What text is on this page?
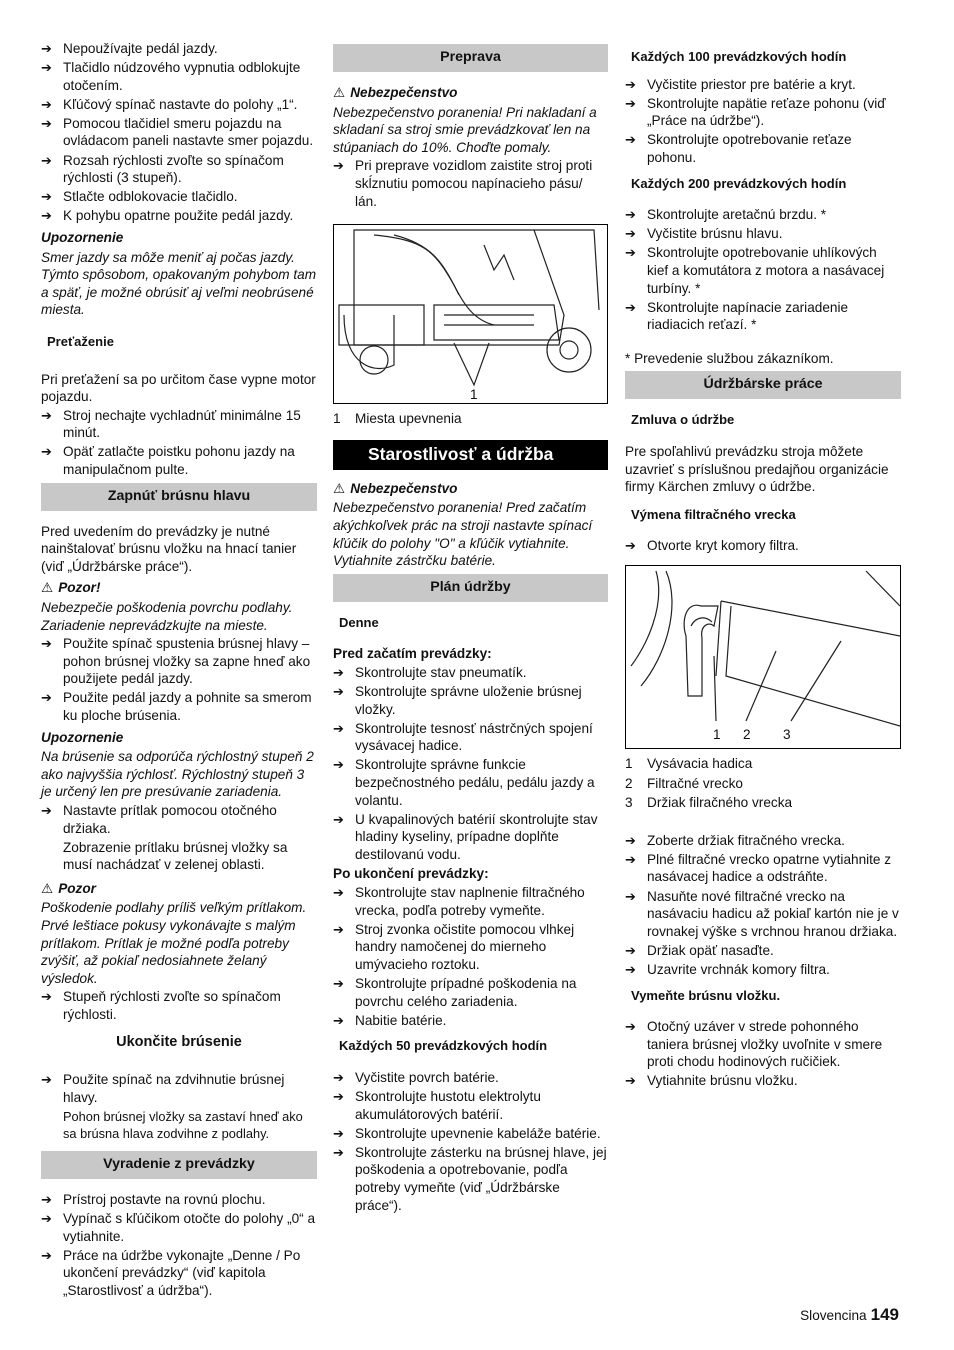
➔ Nepoužívajte pedál jazdy.
➔ Tlačidlo núdzového vypnutia odblokujte otočením.
➔ Kľúčový spínač nastavte do polohy „1“.
➔ Pomocou tlačidiel smeru pojazdu na ovládacom paneli nastavte smer pojazdu.
➔ Rozsah rýchlosti zvoľte so spínačom rýchlosti (3 stupeň).
➔ Stlačte odblokovacie tlačidlo.
➔ K pohybu opatrne použite pedál jazdy.
Upozornenie
Smer jazdy sa môže meniť aj počas jazdy. Týmto spôsobom, opakovaným pohybom tam a späť, je možné obrúsiť aj veľmi neobrúsené miesta.
Preťaženie
Pri preťažení sa po určitom čase vypne motor pojazdu.
➔ Stroj nechajte vychladnúť minimálne 15 minút.
➔ Opäť zatlačte poistku pohonu jazdy na manipulačnom pulte.
Zapnúť brúsnu hlavu
Pred uvedením do prevádzky je nutné nainštalovať brúsnu vložku na hnací tanier (viď „Údržbárske práce“).
⚠ Pozor!
Nebezpečie poškodenia povrchu podlahy. Zariadenie neprevádzkujte na mieste.
➔ Použite spínač spustenia brúsnej hlavy – pohon brúsnej vložky sa zapne hneď ako použijete pedál jazdy.
➔ Použite pedál jazdy a pohnite sa smerom ku ploche brúsenia.
Upozornenie
Na brúsenie sa odporúča rýchlostný stupeň 2 ako najvyššia rýchlosť. Rýchlostný stupeň 3 je určený len pre presúvanie zariadenia.
➔ Nastavte prítlak pomocou otočného držiaka.
Zobrazenie prítlaku brúsnej vložky sa musí nachádzať v zelenej oblasti.
⚠ Pozor
Poškodenie podlahy príliš veľkým prítlakom. Prvé leštiace pokusy vykonávajte s malým prítlakom. Prítlak je možné podľa potreby zvýšiť, až pokiaľ nedosiahnete želaný výsledok.
➔ Stupeň rýchlosti zvoľte so spínačom rýchlosti.
Ukončite brúsenie
➔ Použite spínač na zdvihnutie brúsnej hlavy.
Pohon brúsnej vložky sa zastaví hneď ako sa brúsna hlava zodvihne z podlahy.
Vyradenie z prevádzky
➔ Prístroj postavte na rovnú plochu.
➔ Vypínač s kľúčikom otočte do polohy „0“ a vytiahnite.
➔ Práce na údržbe vykonajte „Denne / Po ukončení prevádzky“ (viď kapitola „Starostlivosť a údržba“).
Preprava
⚠ Nebezpečenstvo
Nebezpečenstvo poranenia! Pri nakladaní a skladaní sa stroj smie prevádzkovať len na stúpaniach do 10%. Choďte pomaly.
➔ Pri preprave vozidlom zaistite stroj proti skĺznutiu pomocou napínacieho pásu/ lán.
1
1 Miesta upevnenia
Starostlivosť a údržba
⚠ Nebezpečenstvo
Nebezpečenstvo poranenia! Pred začatím akýchkoľvek prác na stroji nastavte spínací kľúčik do polohy "O" a kľúčik vytiahnite. Vytiahnite zástrčku batérie.
Plán údržby
Denne
Pred začatím prevádzky:
➔ Skontrolujte stav pneumatík.
➔ Skontrolujte správne uloženie brúsnej vložky.
➔ Skontrolujte tesnosť nástrčných spojení vysávacej hadice.
➔ Skontrolujte správne funkcie bezpečnostného pedálu, pedálu jazdy a volantu.
➔ U kvapalinových batérií skontrolujte stav hladiny kyseliny, prípadne doplňte destilovanú vodu.
Po ukončení prevádzky:
➔ Skontrolujte stav naplnenie filtračného vrecka, podľa potreby vymeňte.
➔ Stroj zvonka očistite pomocou vlhkej handry namočenej do mierneho umývacieho roztoku.
➔ Skontrolujte prípadné poškodenia na povrchu celého zariadenia.
➔ Nabitie batérie.
Každých 50 prevádzkových hodín
➔ Vyčistite povrch batérie.
➔ Skontrolujte hustotu elektrolytu akumulátorových batérií.
➔ Skontrolujte upevnenie kabeláže batérie.
➔ Skontrolujte zásterku na brúsnej hlave, jej poškodenia a opotrebovanie, podľa potreby vymeňte (viď „Údržbárske práce“).
Každých 100 prevádzkových hodín
➔ Vyčistite priestor pre batérie a kryt.
➔ Skontrolujte napätie reťaze pohonu (viď „Práce na údržbe“).
➔ Skontrolujte opotrebovanie reťaze pohonu.
Každých 200 prevádzkových hodín
➔ Skontrolujte aretačnú brzdu. *
➔ Vyčistite brúsnu hlavu.
➔ Skontrolujte opotrebovanie uhlíkových kief a komutátora z motora a nasávacej turbíny. *
➔ Skontrolujte napínacie zariadenie riadiacich reťazí. *
* Prevedenie službou zákazníkom.
Údržbárske práce
Zmluva o údržbe
Pre spoľahlivú prevádzku stroja môžete uzavrieť s príslušnou predajňou organizácie firmy Kärchen zmluvy o údržbe.
Výmena filtračného vrecka
➔ Otvorte kryt komory filtra.
1 2 3
1 Vysávacia hadica
2 Filtračné vrecko
3 Držiak filračného vrecka
➔ Zoberte držiak fitračného vrecka.
➔ Plné filtračné vrecko opatrne vytiahnite z nasávacej hadice a odstráňte.
➔ Nasuňte nové filtračné vrecko na nasávaciu hadicu až pokiaľ kartón nie je v rovnakej výške s vrchnou hranou držiaka.
➔ Držiak opäť nasaďte.
➔ Uzavrite vrchnák komory filtra.
Vymeňte brúsnu vložku.
➔ Otočný uzáver v strede pohonného taniera brúsnej vložky uvoľnite v smere proti chodu hodinových ručičiek.
➔ Vytiahnite brúsnu vložku.
Slovencina 149
